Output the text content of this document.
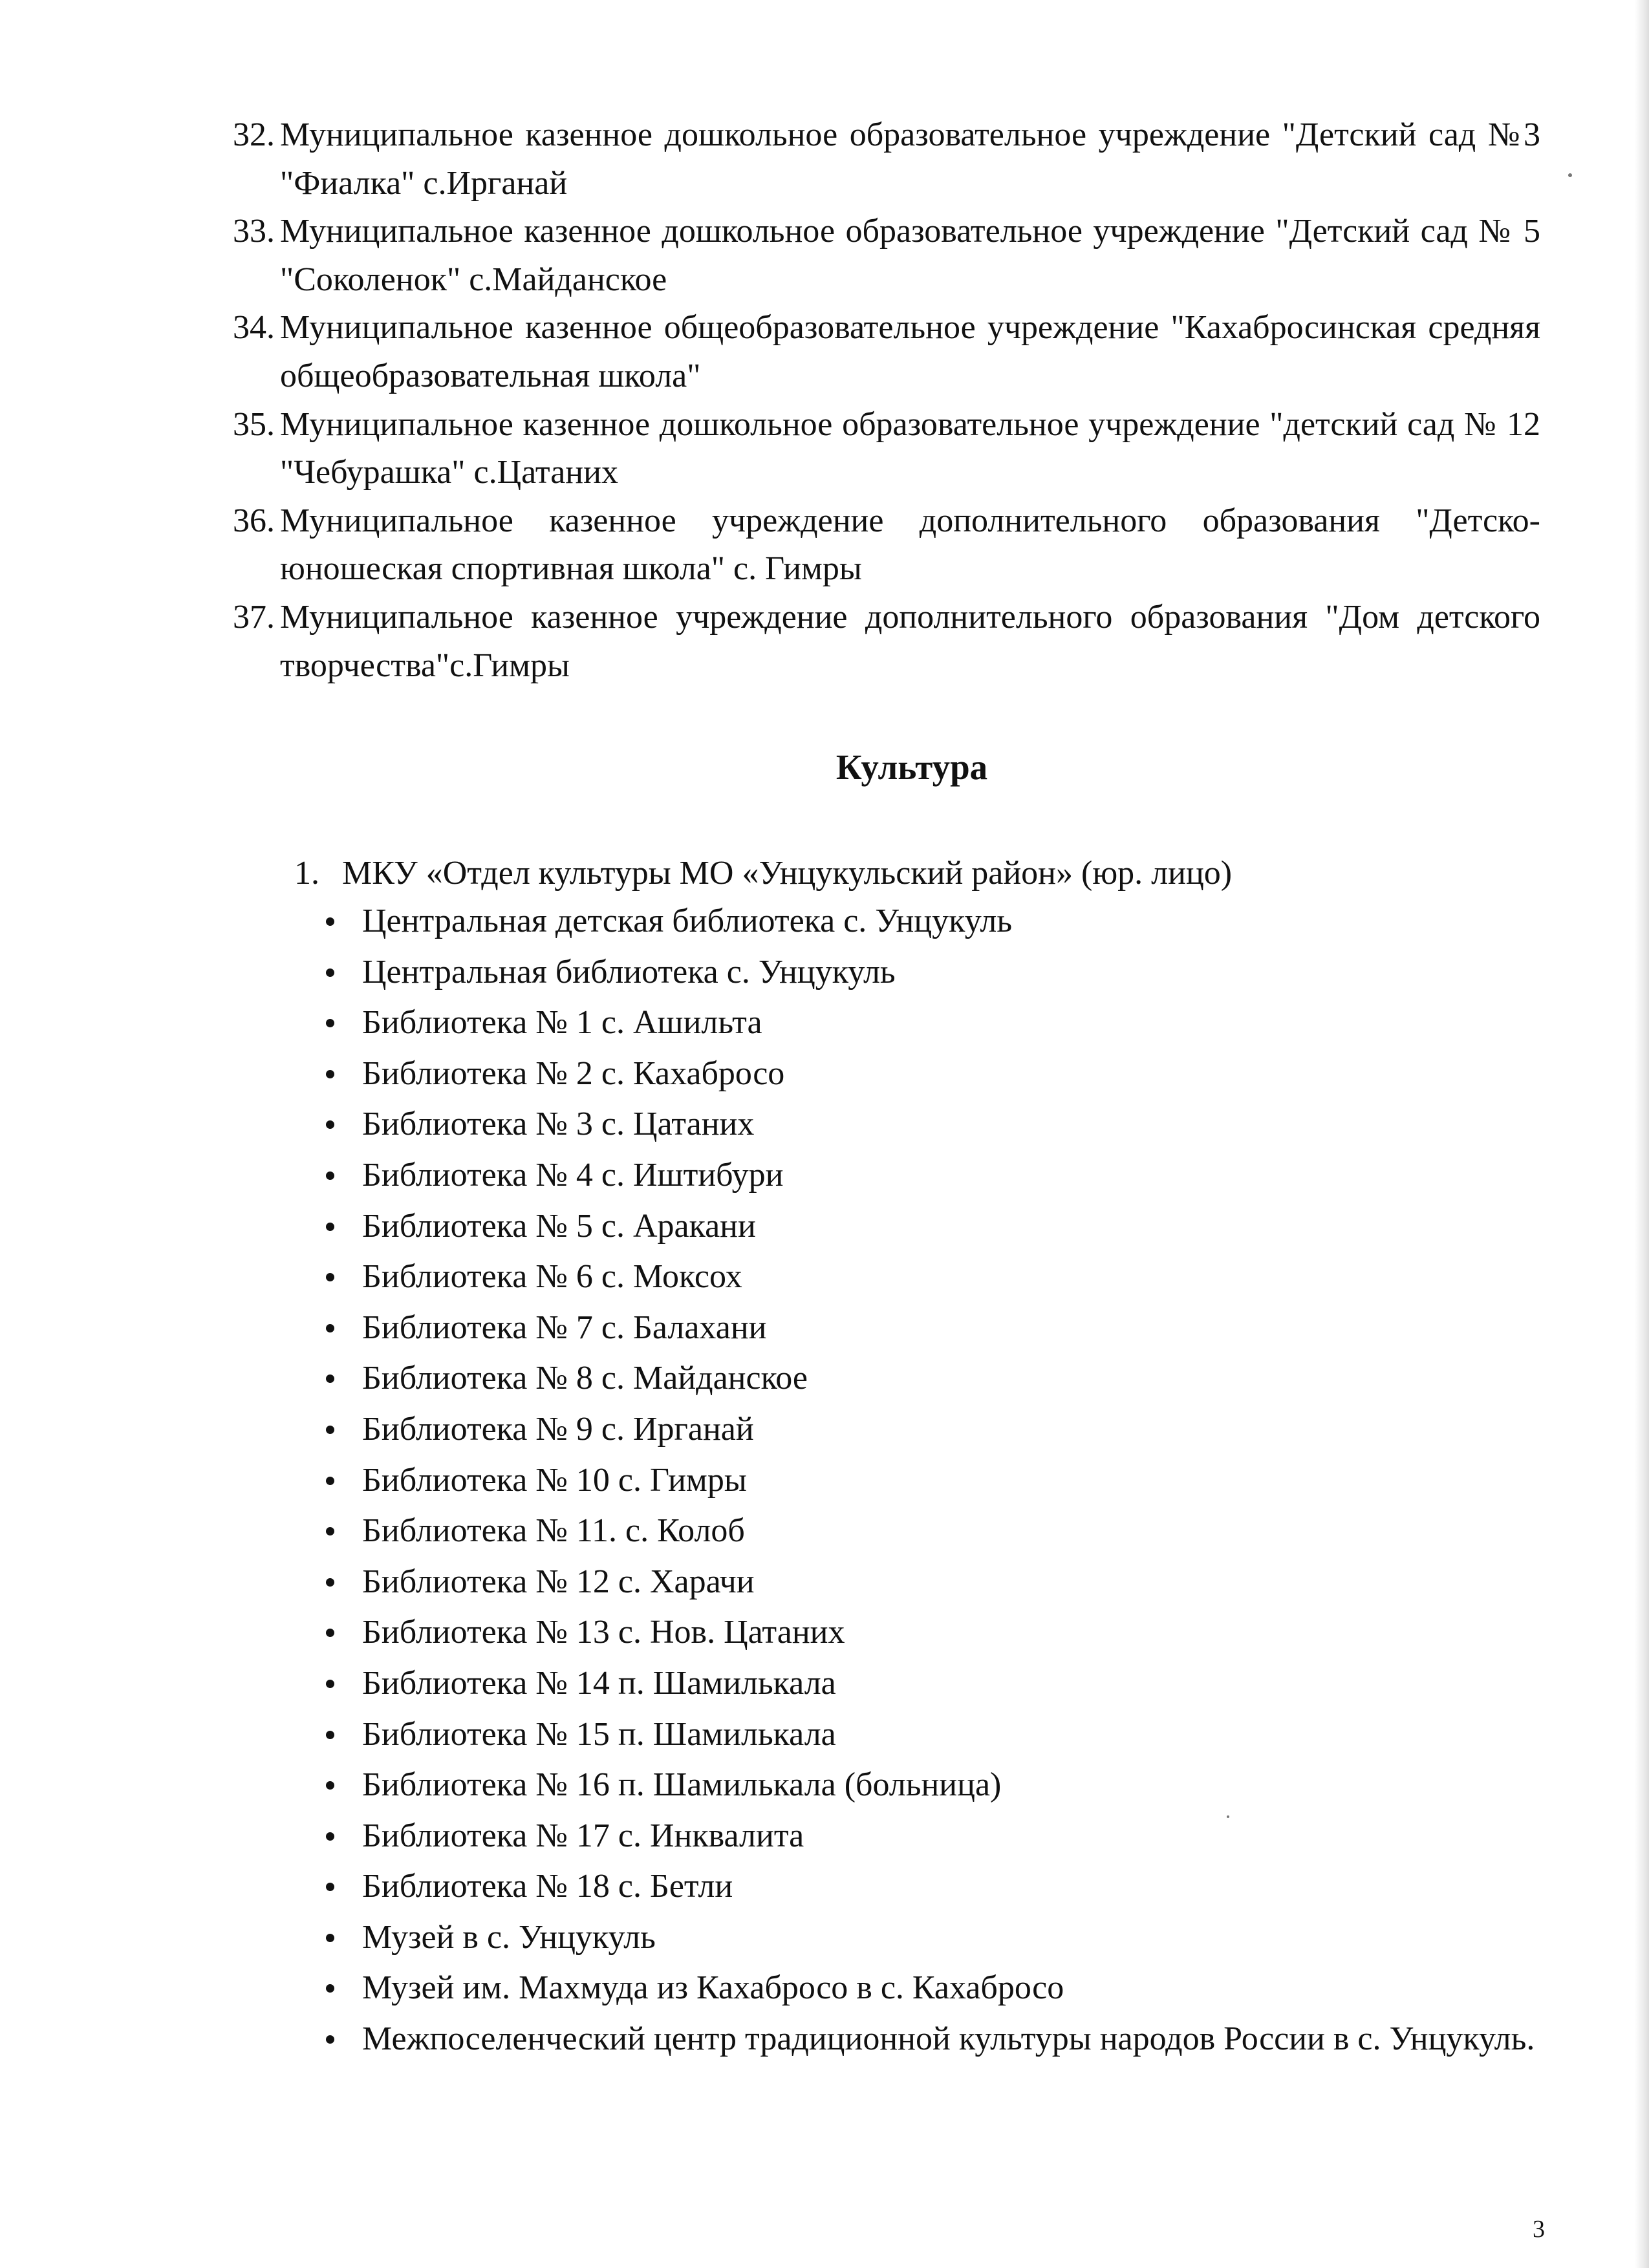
32. Муниципальное казенное дошкольное образовательное учреждение "Детский сад №3 "Фиалка" с.Ирганай
33. Муниципальное казенное дошкольное образовательное учреждение "Детский сад № 5 "Соколенок" с.Майданское
34. Муниципальное казенное общеобразовательное учреждение "Кахабросинская средняя общеобразовательная школа"
35. Муниципальное казенное дошкольное образовательное учреждение "детский сад № 12 "Чебурашка" с.Цатаних
36. Муниципальное казенное учреждение дополнительного образования "Детско-юношеская спортивная школа" с. Гимры
37. Муниципальное казенное учреждение дополнительного образования "Дом детского творчества"с.Гимры
Культура
1. МКУ «Отдел культуры МО «Унцукульский район» (юр. лицо)
Центральная детская библиотека с. Унцукуль
Центральная библиотека с. Унцукуль
Библиотека № 1 с. Ашильта
Библиотека № 2 с. Кахабросо
Библиотека № 3 с. Цатаних
Библиотека № 4 с. Иштибури
Библиотека № 5 с. Аракани
Библиотека № 6 с. Моксох
Библиотека № 7 с. Балахани
Библиотека № 8 с. Майданское
Библиотека № 9 с. Ирганай
Библиотека № 10 с. Гимры
Библиотека № 11. с. Колоб
Библиотека № 12 с. Харачи
Библиотека № 13 с. Нов. Цатаних
Библиотека № 14 п. Шамилькала
Библиотека № 15 п. Шамилькала
Библиотека № 16 п. Шамилькала (больница)
Библиотека № 17 с. Инквалита
Библиотека № 18 с. Бетли
Музей в с. Унцукуль
Музей им. Махмуда из Кахабросо в с. Кахабросо
Межпоселенческий центр традиционной культуры народов России в с. Унцукуль.
3
